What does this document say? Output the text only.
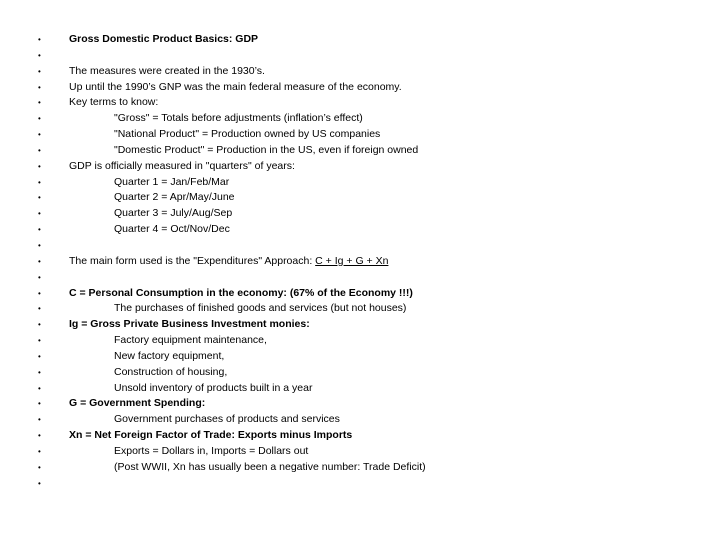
•	Gross Domestic Product Basics: GDP
•
•	The measures were created in the 1930’s.
•	Up until the 1990’s GNP was the main federal measure of the economy.
•	Key terms to know:
•	"Gross" = Totals before adjustments (inflation’s effect)
•	"National Product" = Production owned by US companies
•	"Domestic Product" = Production in the US, even if foreign owned
•	GDP is officially measured in "quarters" of years:
•	Quarter 1 = Jan/Feb/Mar
•	Quarter 2 = Apr/May/June
•	Quarter 3 = July/Aug/Sep
•	Quarter 4 = Oct/Nov/Dec
•
•	The main form used is the "Expenditures" Approach: C + Ig + G + Xn
•
•	C = Personal Consumption in the economy: (67% of the Economy !!!)
•	The purchases of finished goods and services (but not houses)
•	Ig = Gross Private Business Investment monies:
•	Factory equipment maintenance,
•	New factory equipment,
•	Construction of housing,
•	Unsold inventory of products built in a year
•	G = Government Spending:
•	Government purchases of products and services
•	Xn = Net Foreign Factor of Trade: Exports minus Imports
•	Exports = Dollars in, Imports = Dollars out
•	(Post WWII, Xn has usually been a negative number: Trade Deficit)
•
